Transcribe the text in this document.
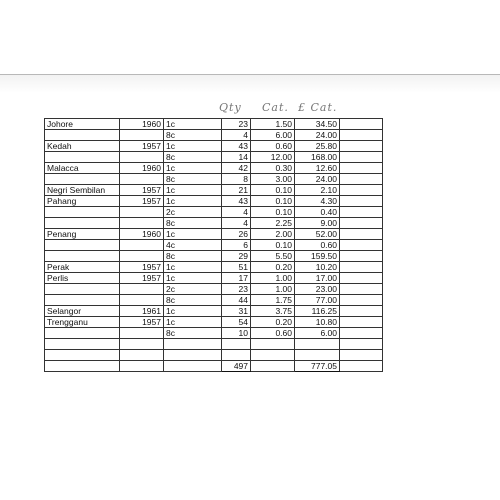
Qty Cat. £ Cat.
Johore	1960	1c	23	1.50	34.50	
		8c	4	6.00	24.00	
Kedah	1957	1c	43	0.60	25.80	
		8c	14	12.00	168.00	
Malacca	1960	1c	42	0.30	12.60	
		8c	8	3.00	24.00	
Negri Sembilan	1957	1c	21	0.10	2.10	
Pahang	1957	1c	43	0.10	4.30	
		2c	4	0.10	0.40	
		8c	4	2.25	9.00	
Penang	1960	1c	26	2.00	52.00	
		4c	6	0.10	0.60	
		8c	29	5.50	159.50	
Perak	1957	1c	51	0.20	10.20	
Perlis	1957	1c	17	1.00	17.00	
		2c	23	1.00	23.00	
		8c	44	1.75	77.00	
Selangor	1961	1c	31	3.75	116.25	
Trengganu	1957	1c	54	0.20	10.80	
		8c	10	0.60	6.00	

			497		777.05	
